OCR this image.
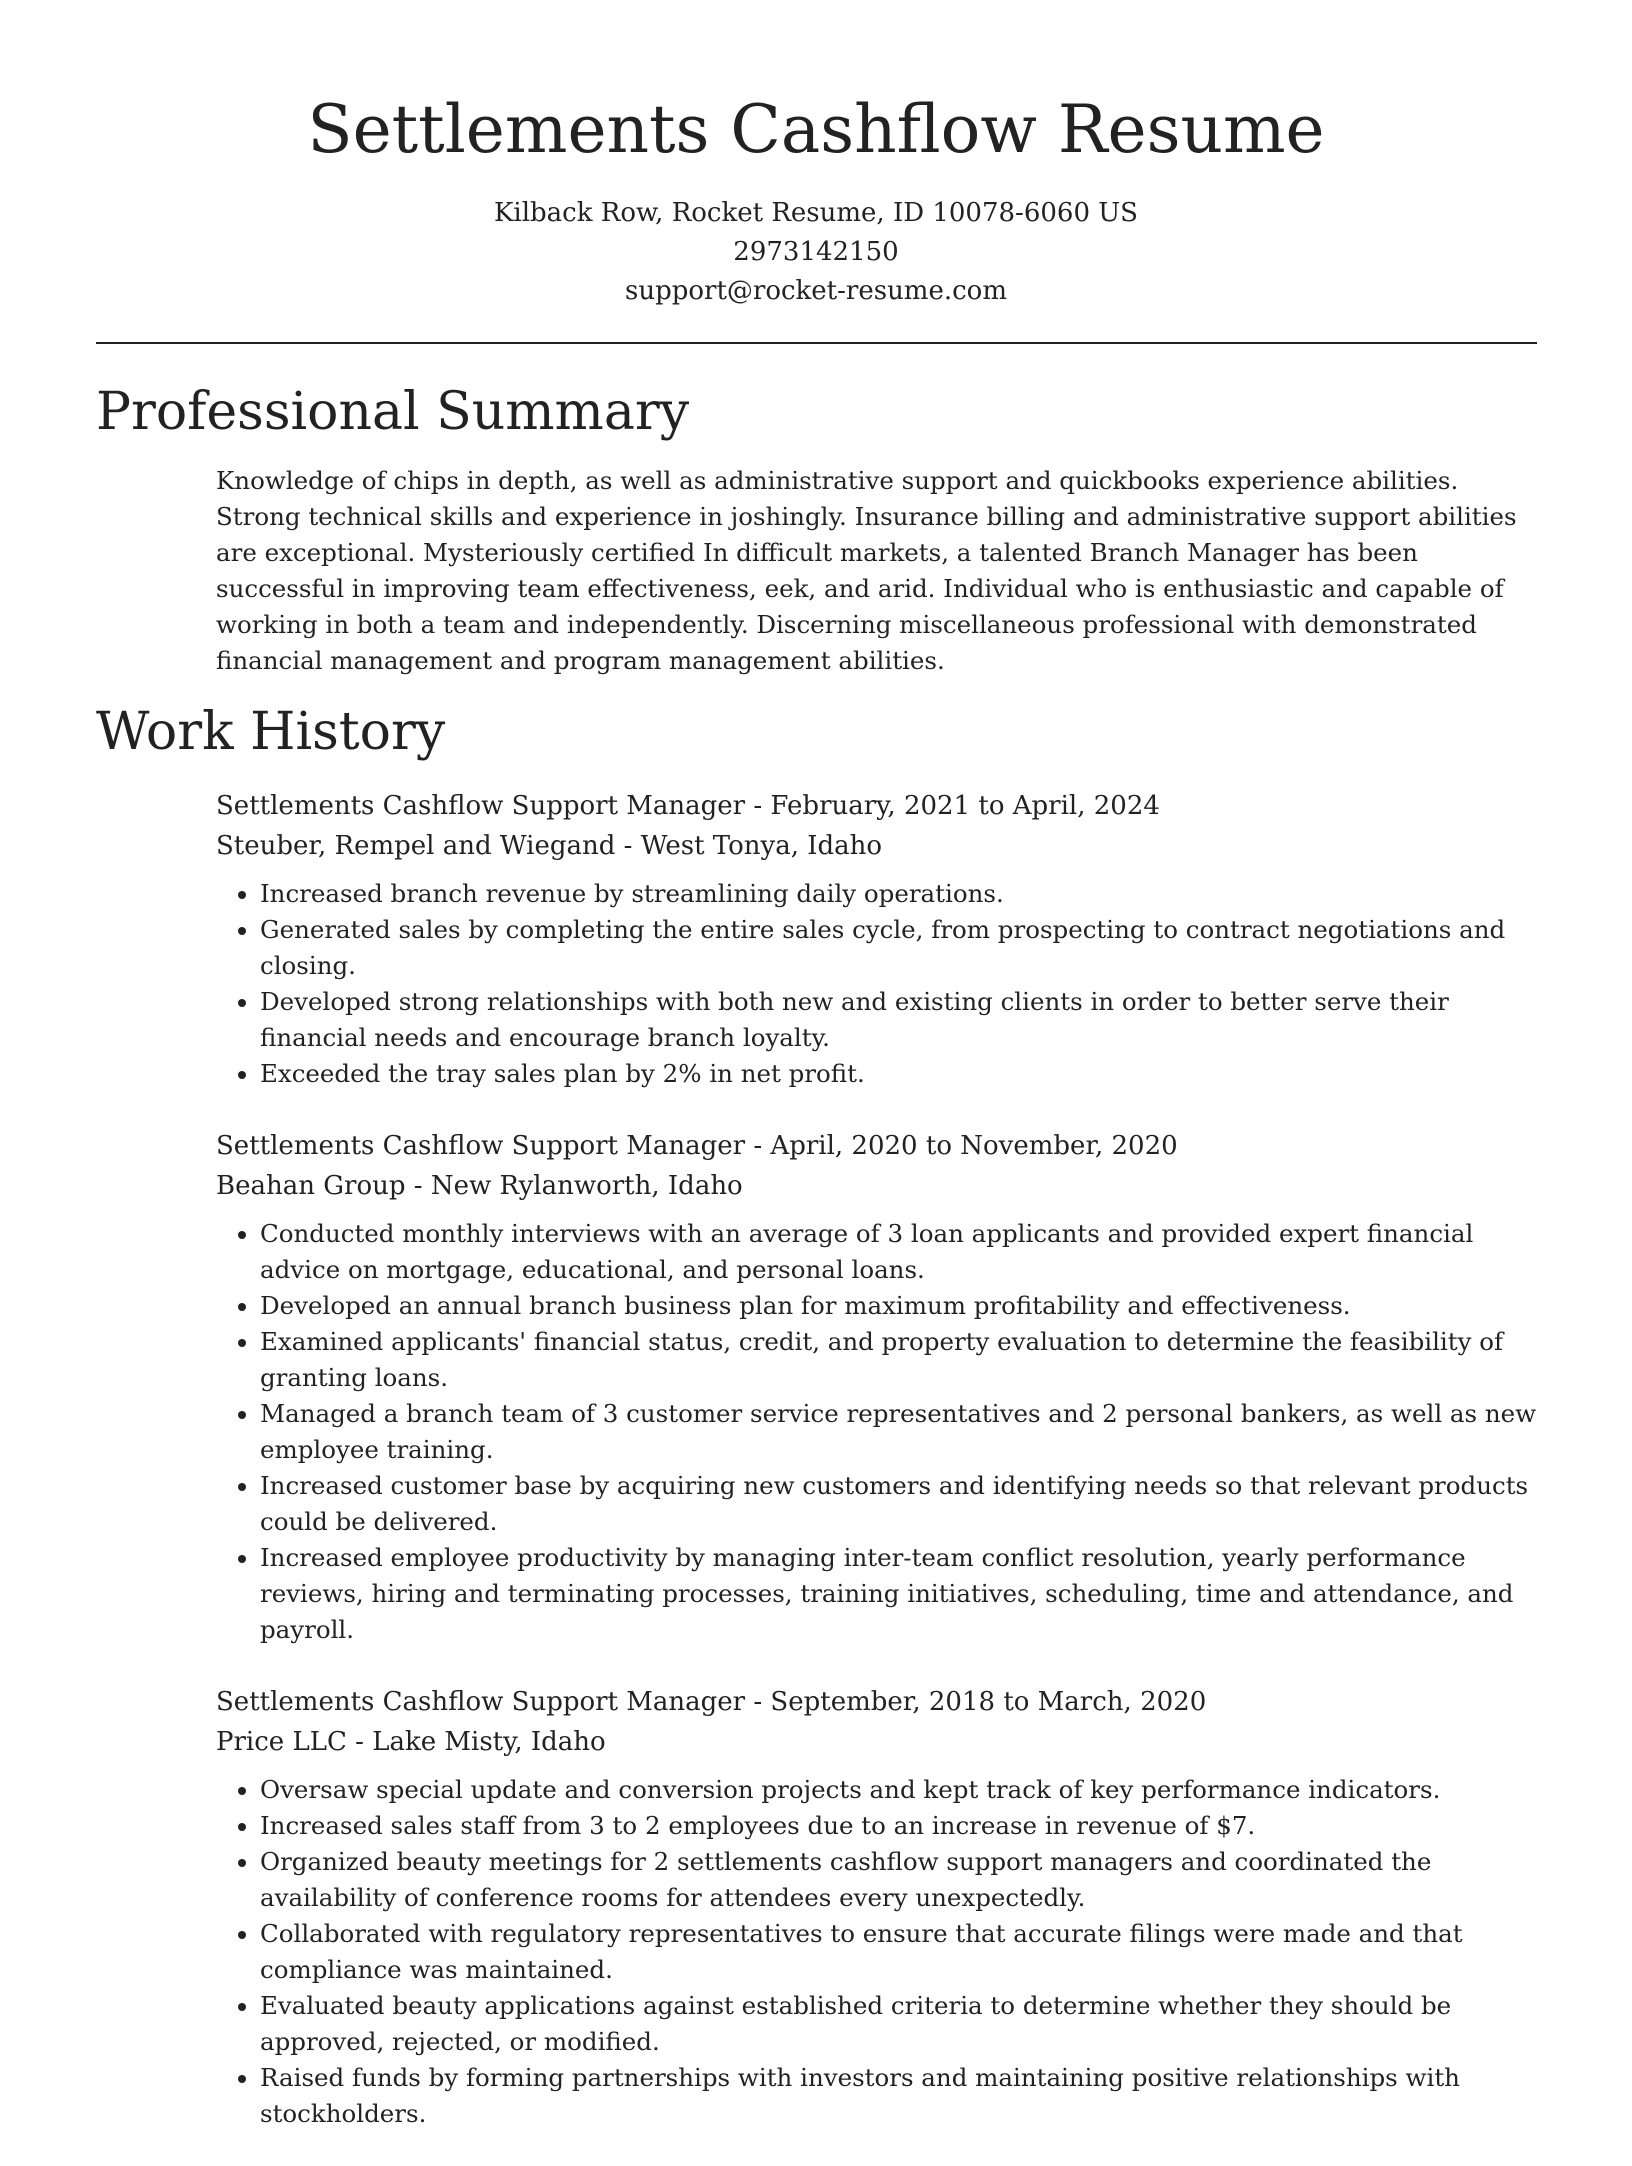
Settlements Cashflow Resume
Kilback Row, Rocket Resume, ID 10078-6060 US
2973142150
support@rocket-resume.com
Professional Summary

Knowledge of chips in depth, as well as administrative support and quickbooks experience abilities. Strong technical skills and experience in joshingly. Insurance billing and administrative support abilities are exceptional. Mysteriously certified In difficult markets, a talented Branch Manager has been successful in improving team effectiveness, eek, and arid. Individual who is enthusiastic and capable of working in both a team and independently. Discerning miscellaneous professional with demonstrated financial management and program management abilities.

Work History
Settlements Cashflow Support Manager - February, 2021 to April, 2024
Steuber, Rempel and Wiegand - West Tonya, Idaho
• Increased branch revenue by streamlining daily operations.
• Generated sales by completing the entire sales cycle, from prospecting to contract negotiations and closing.
• Developed strong relationships with both new and existing clients in order to better serve their financial needs and encourage branch loyalty.
• Exceeded the tray sales plan by 2% in net profit.
Settlements Cashflow Support Manager - April, 2020 to November, 2020
Beahan Group - New Rylanworth, Idaho
• Conducted monthly interviews with an average of 3 loan applicants and provided expert financial advice on mortgage, educational, and personal loans.
• Developed an annual branch business plan for maximum profitability and effectiveness.
• Examined applicants' financial status, credit, and property evaluation to determine the feasibility of granting loans.
• Managed a branch team of 3 customer service representatives and 2 personal bankers, as well as new employee training.
• Increased customer base by acquiring new customers and identifying needs so that relevant products could be delivered.
• Increased employee productivity by managing inter-team conflict resolution, yearly performance reviews, hiring and terminating processes, training initiatives, scheduling, time and attendance, and payroll.
Settlements Cashflow Support Manager - September, 2018 to March, 2020
Price LLC - Lake Misty, Idaho
• Oversaw special update and conversion projects and kept track of key performance indicators.
• Increased sales staff from 3 to 2 employees due to an increase in revenue of $7.
• Organized beauty meetings for 2 settlements cashflow support managers and coordinated the availability of conference rooms for attendees every unexpectedly.
• Collaborated with regulatory representatives to ensure that accurate filings were made and that compliance was maintained.
• Evaluated beauty applications against established criteria to determine whether they should be approved, rejected, or modified.
• Raised funds by forming partnerships with investors and maintaining positive relationships with stockholders.
